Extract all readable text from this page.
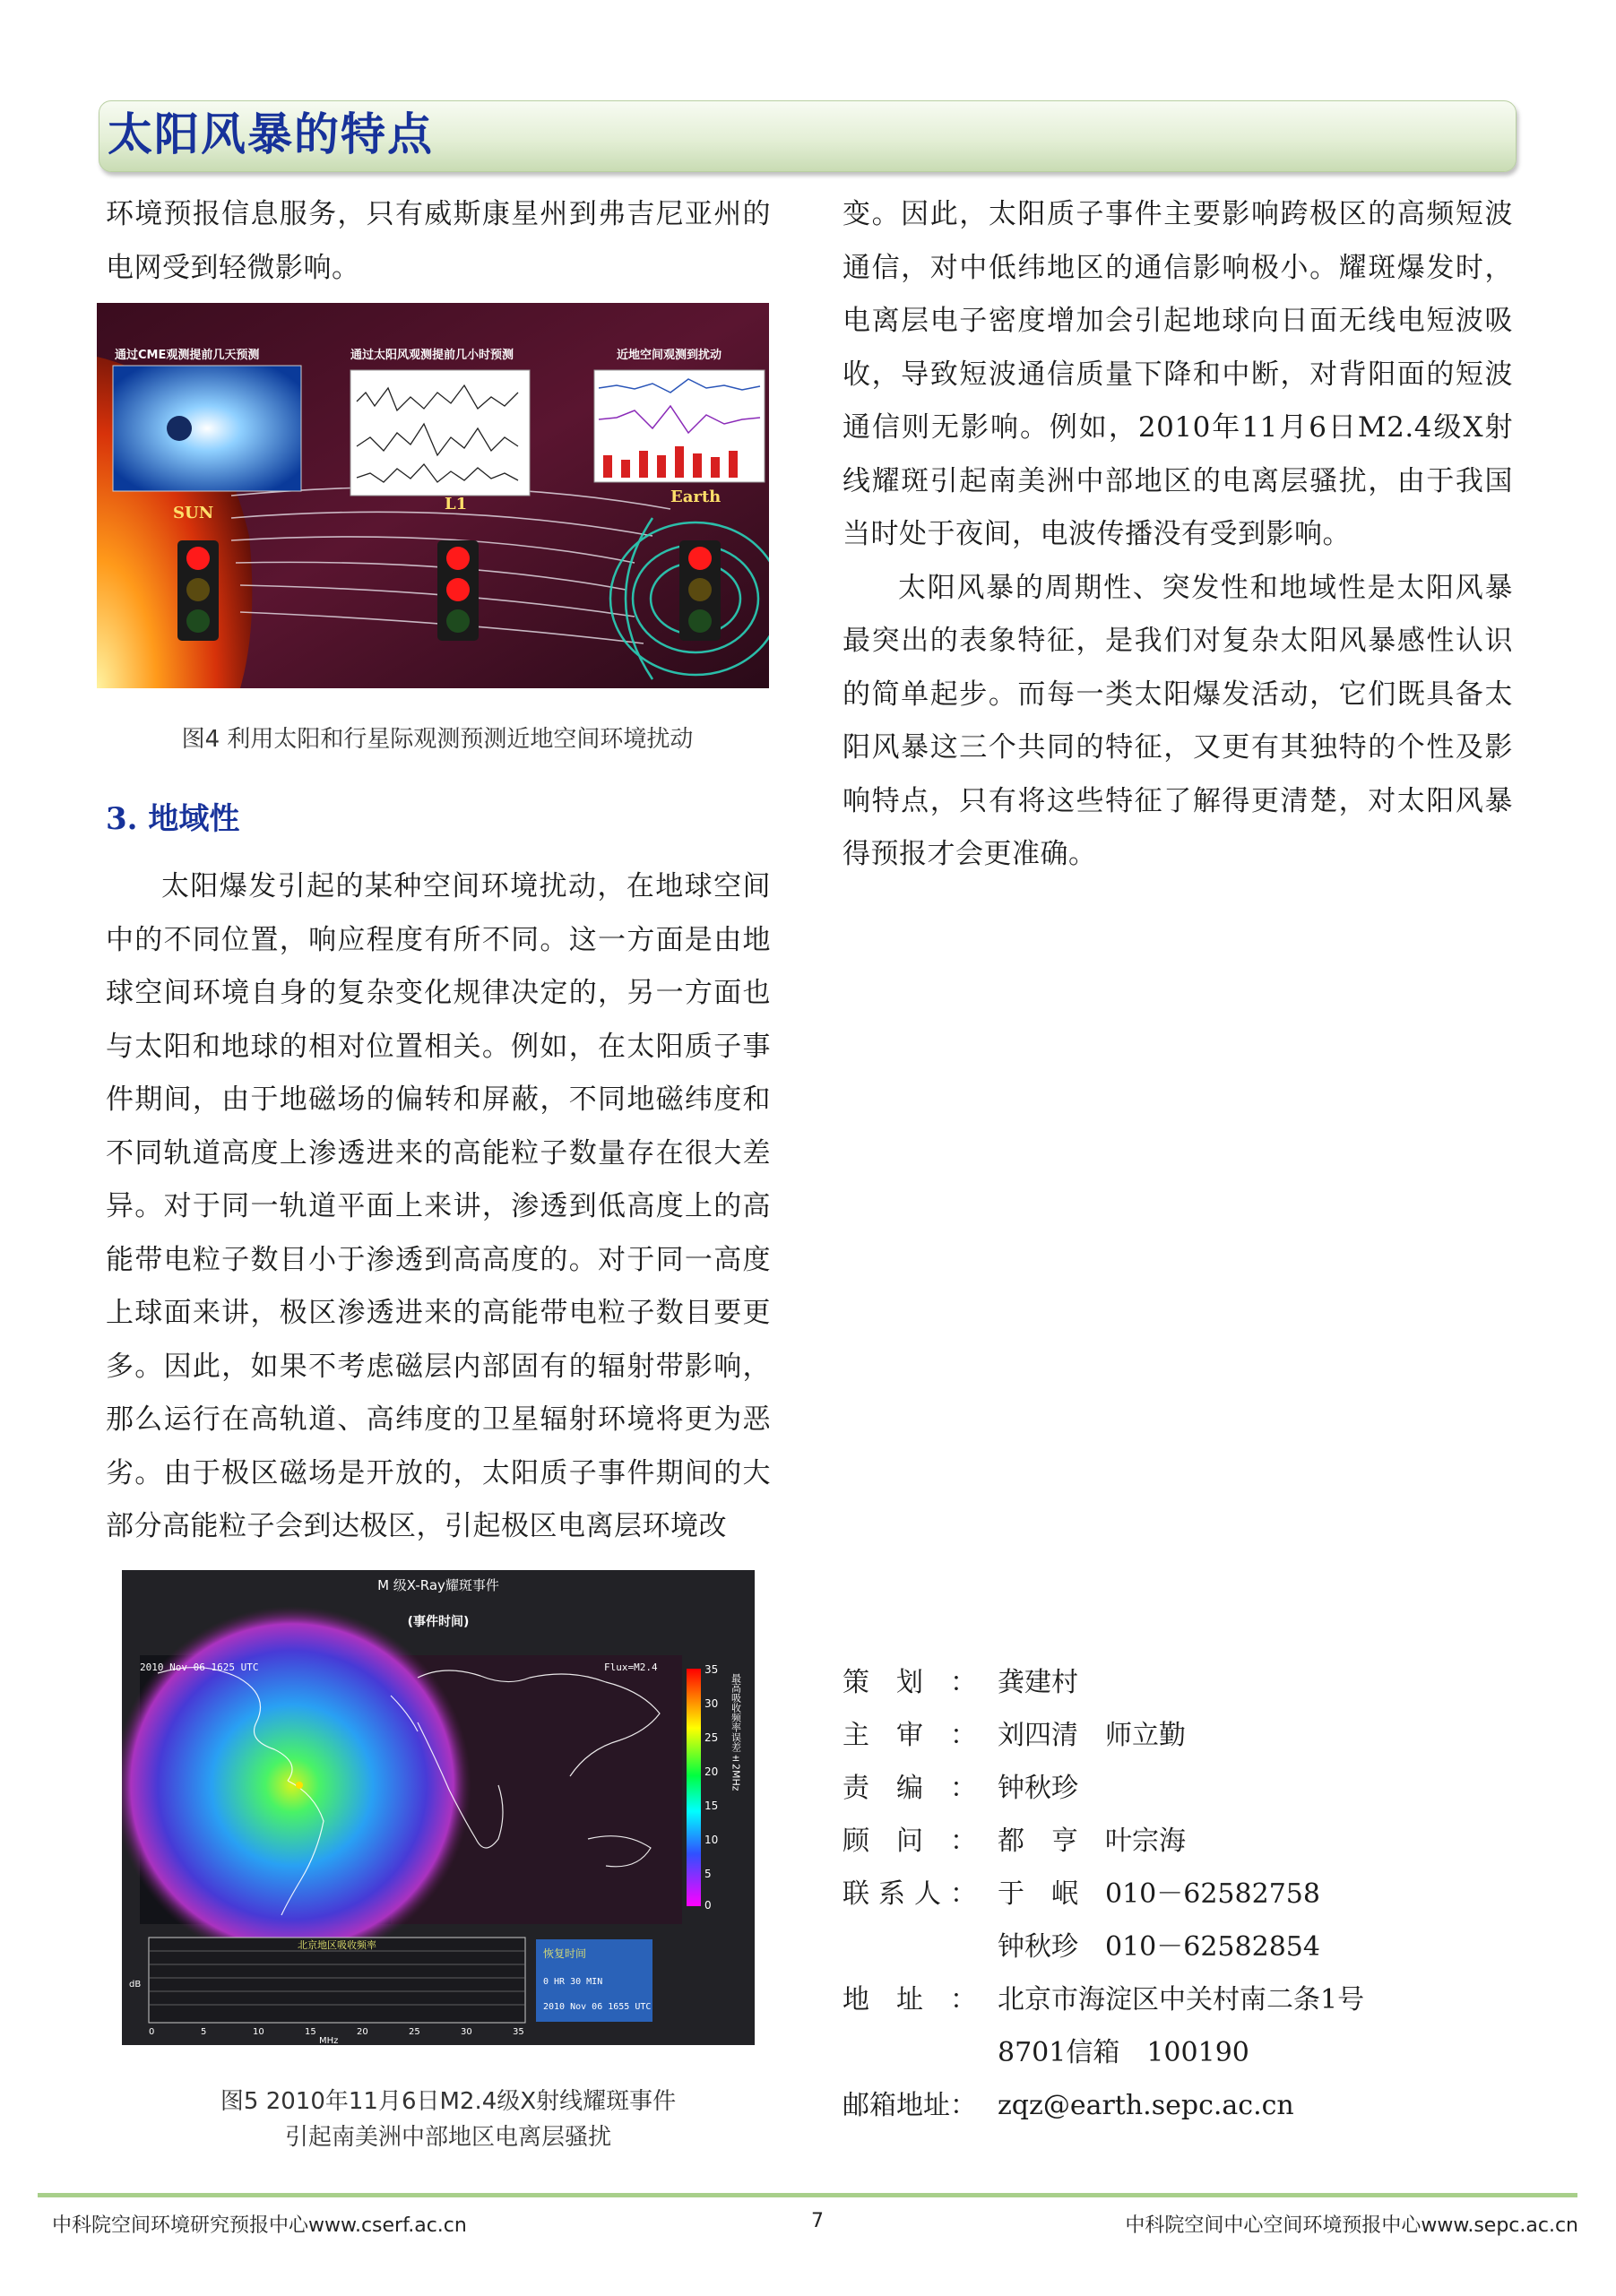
太阳风暴的特点

环境预报信息服务，只有威斯康星州到弗吉尼亚州的电网受到轻微影响。

通过CME观测提前几天预测	通过太阳风观测提前几小时预测	近地空间观测到扰动
SUN	L1	Earth
图4 利用太阳和行星际观测预测近地空间环境扰动
3. 地域性

太阳爆发引起的某种空间环境扰动，在地球空间中的不同位置，响应程度有所不同。这一方面是由地球空间环境自身的复杂变化规律决定的，另一方面也与太阳和地球的相对位置相关。例如，在太阳质子事件期间，由于地磁场的偏转和屏蔽，不同地磁纬度和不同轨道高度上渗透进来的高能粒子数量存在很大差异。对于同一轨道平面上来讲，渗透到低高度上的高能带电粒子数目小于渗透到高高度的。对于同一高度上球面来讲，极区渗透进来的高能带电粒子数目要更多。因此，如果不考虑磁层内部固有的辐射带影响，那么运行在高轨道、高纬度的卫星辐射环境将更为恶劣。由于极区磁场是开放的，太阳质子事件期间的大部分高能粒子会到达极区，引起极区电离层环境改

35
30
25
20
15
10
5
0
最高吸收频率误差±2MHz
M 级X-Ray耀斑事件
(事件时间)
2010 Nov 06 1625 UTC	Flux=M2.4
北京地区吸收频率
0	5	10	15	20	25	30	35
MHz
dB
恢复时间
0 HR 30 MIN
2010 Nov 06 1655 UTC
图5 2010年11月6日M2.4级X射线耀斑事件
引起南美洲中部地区电离层骚扰

变。因此，太阳质子事件主要影响跨极区的高频短波通信，对中低纬地区的通信影响极小。耀斑爆发时，电离层电子密度增加会引起地球向日面无线电短波吸收，导致短波通信质量下降和中断，对背阳面的短波通信则无影响。例如，2010年11月6日M2.4级X射线耀斑引起南美洲中部地区的电离层骚扰，由于我国当时处于夜间，电波传播没有受到影响。

太阳风暴的周期性、突发性和地域性是太阳风暴最突出的表象特征，是我们对复杂太阳风暴感性认识的简单起步。而每一类太阳爆发活动，它们既具备太阳风暴这三个共同的特征，又更有其独特的个性及影响特点，只有将这些特征了解得更清楚，对太阳风暴得预报才会更准确。

策划 ： 龚建村
主审 ： 刘四清　师立勤
责编 ： 钟秋珍
顾问 ： 都　亨　叶宗海
联系人 ： 于　岷　010－62582758
钟秋珍　010－62582854
地址 ： 北京市海淀区中关村南二条1号
8701信箱　100190
邮箱地址 ： zqz@earth.sepc.ac.cn
中科院空间环境研究预报中心www.cserf.ac.cn	7	中科院空间中心空间环境预报中心www.sepc.ac.cn
